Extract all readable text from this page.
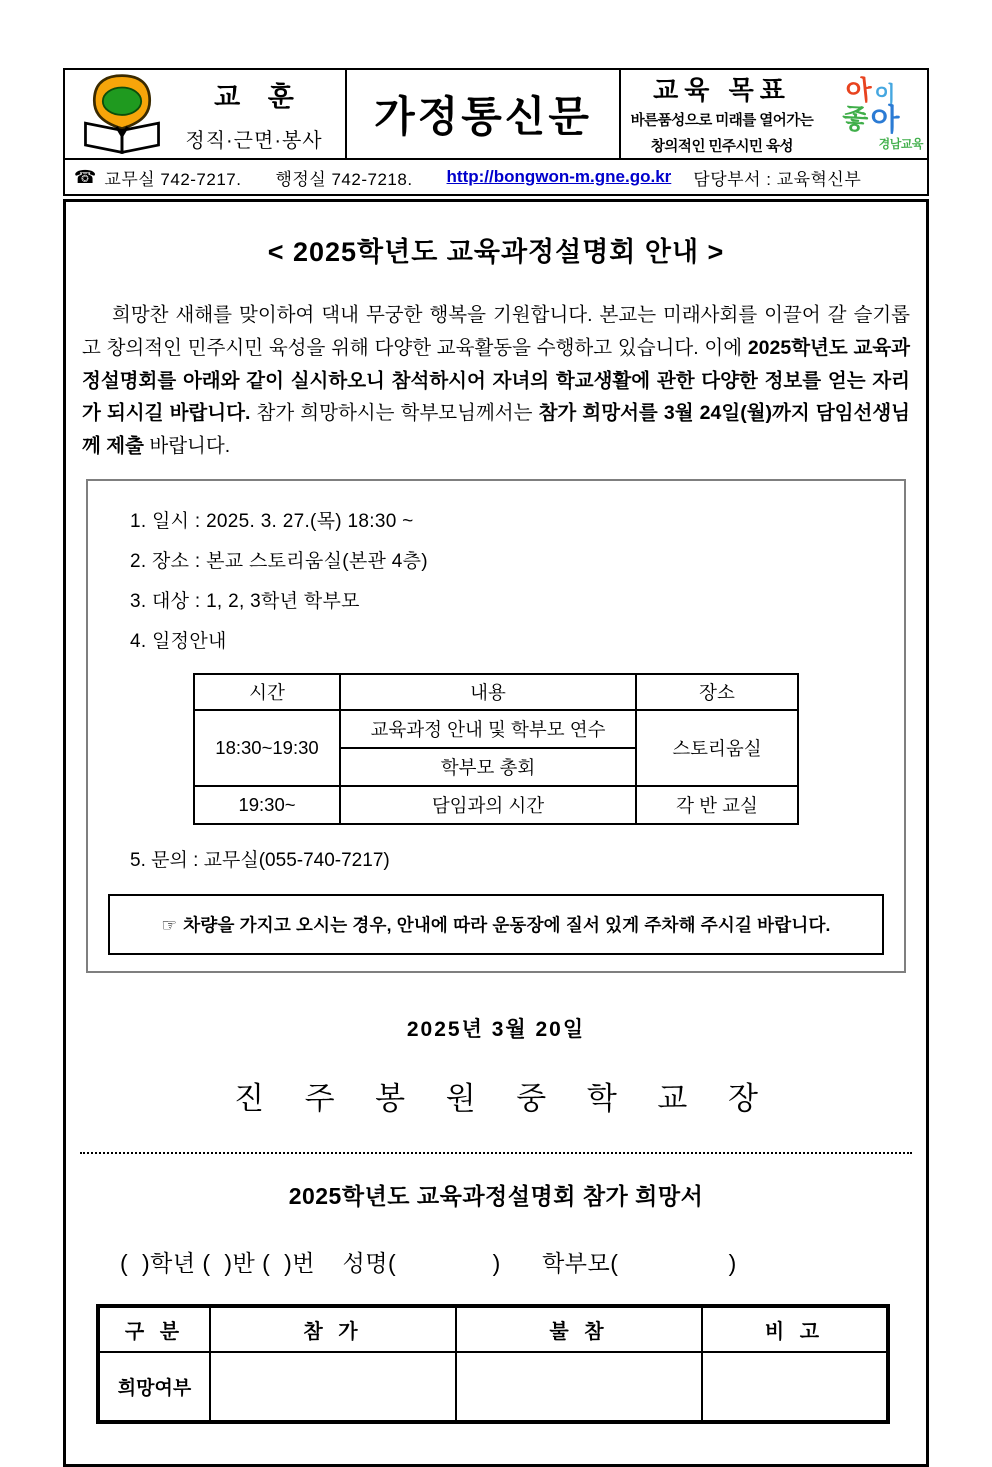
교 훈
정직·근면·봉사
가정통신문
교육 목표
바른품성으로 미래를 열어가는
창의적인 민주시민 육성
아 이
좋 아
경남교육
☎ 교무실 742-7217. 행정실 742-7218. http://bongwon-m.gne.go.kr 담당부서 : 교육혁신부
< 2025학년도 교육과정설명회 안내 >
희망찬 새해를 맞이하여 댁내 무궁한 행복을 기원합니다. 본교는 미래사회를 이끌어 갈 슬기롭고 창의적인 민주시민 육성을 위해 다양한 교육활동을 수행하고 있습니다. 이에 2025학년도 교육과정설명회를 아래와 같이 실시하오니 참석하시어 자녀의 학교생활에 관한 다양한 정보를 얻는 자리가 되시길 바랍니다. 참가 희망하시는 학부모님께서는 참가 희망서를 3월 24일(월)까지 담임선생님께 제출 바랍니다.
1. 일시 : 2025. 3. 27.(목) 18:30 ~
2. 장소 : 본교 스토리움실(본관 4층)
3. 대상 : 1, 2, 3학년 학부모
4. 일정안내
시간	내용	장소
18:30~19:30	교육과정 안내 및 학부모 연수	스토리움실
	학부모 총회	
19:30~	담임과의 시간	각 반 교실
5. 문의 : 교무실(055-740-7217)
☞ 차량을 가지고 오시는 경우, 안내에 따라 운동장에 질서 있게 주차해 주시길 바랍니다.
2025년 3월 20일
진 주 봉 원 중 학 교 장
2025학년도 교육과정설명회 참가 희망서
(  )학년 (  )반 (  )번    성명(              )      학부모(                )
구 분	참 가	불 참	비 고
희망여부			
